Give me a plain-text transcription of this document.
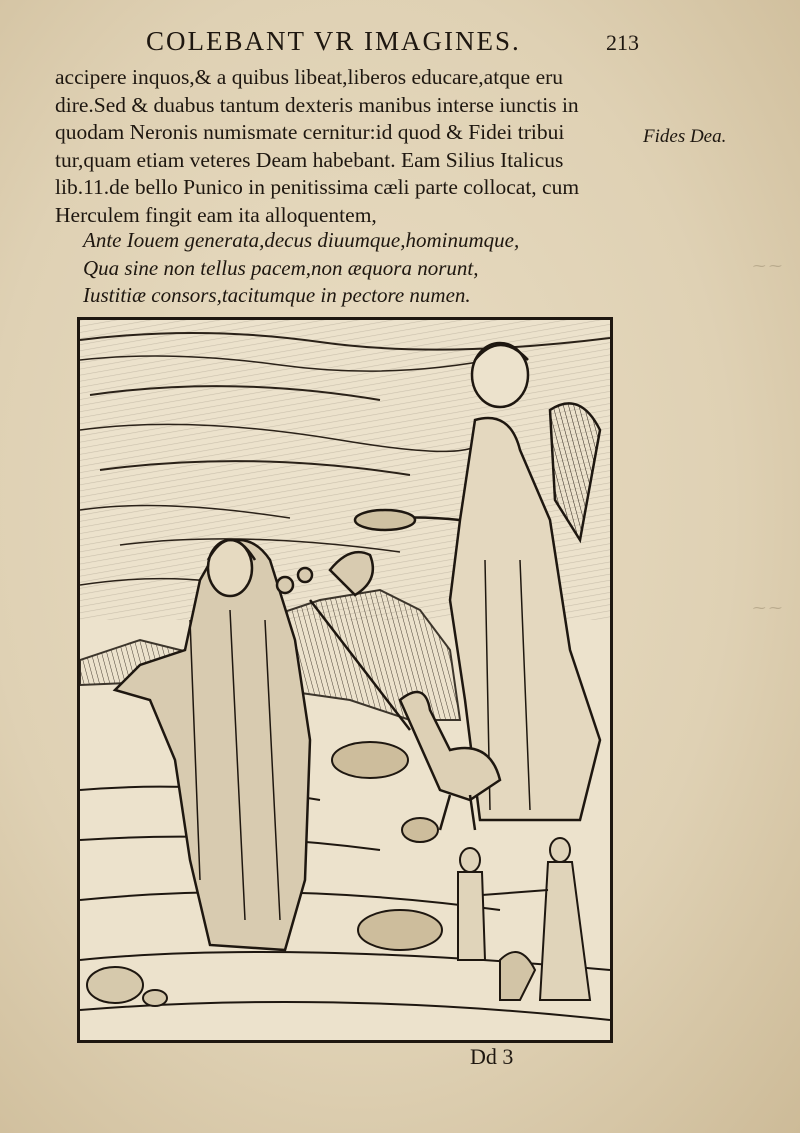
⁓ ⁓
⁓ ⁓
COLEBANT VR IMAGINES.	213
accipere inquos,& a quibus libeat,liberos educare,atque eru
dire.Sed & duabus tantum dexteris manibus interse iunctis in
quodam Neronis numismate cernitur:id quod & Fidei tribui
tur,quam etiam veteres Deam habebant. Eam Silius Italicus
lib.11.de bello Punico in penitissima cæli parte collocat, cum
Herculem fingit eam ita alloquentem,
Ante Iouem generata,decus diuumque,hominumque,
Qua sine non tellus pacem,non æquora norunt,
Iustitiæ consors,tacitumque in pectore numen.
Fides Dea.
Dd 3
